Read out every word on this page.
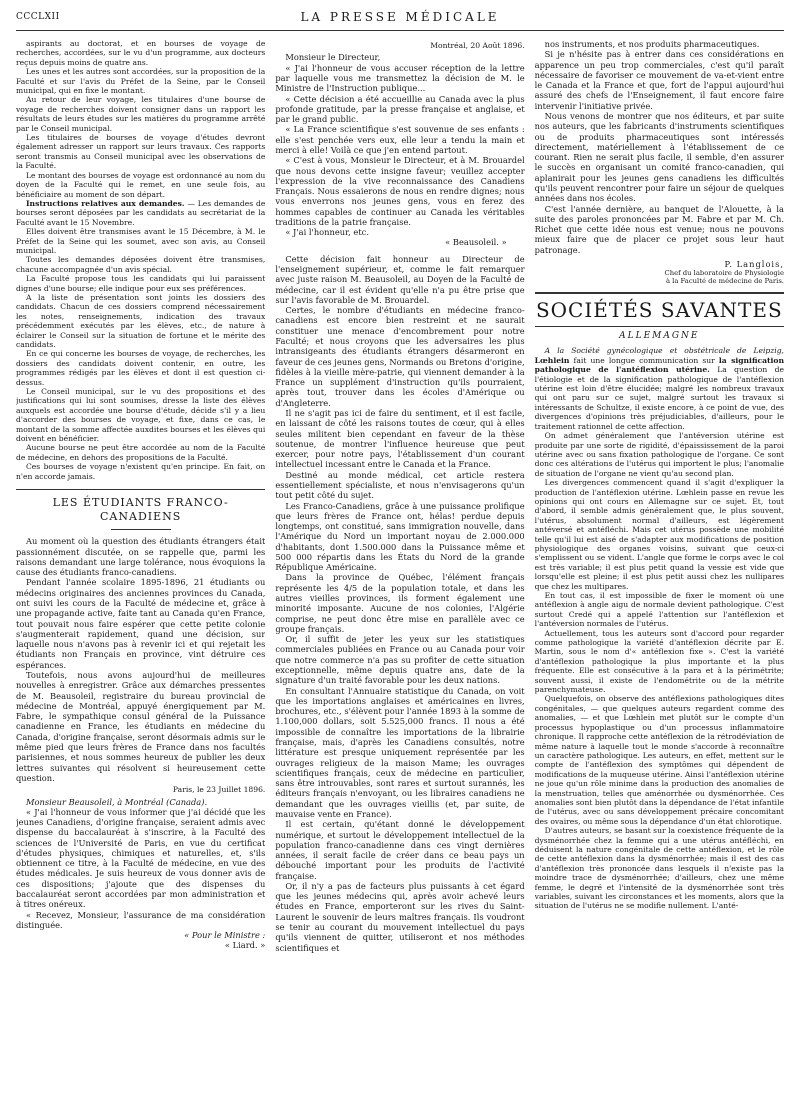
CCCLXII	LA PRESSE MÉDICALE

aspirants au doctorat, et en bourses de voyage de recherches, accordées, sur le vu d'un programme, aux docteurs reçus depuis moins de quatre ans.

Les unes et les autres sont accordées, sur la proposition de la Faculté et sur l'avis du Préfet de la Seine, par le Conseil municipal, qui en fixe le montant.

Au retour de leur voyage, les titulaires d'une bourse de voyage de recherches doivent consigner dans un rapport les résultats de leurs études sur les matières du programme arrêté par le Conseil municipal.

Les titulaires de bourses de voyage d'études devront également adresser un rapport sur leurs travaux. Ces rapports seront transmis au Conseil municipal avec les observations de la Faculté.

Le montant des bourses de voyage est ordonnancé au nom du doyen de la Faculté qui le remet, en une seule fois, au bénéficiaire au moment de son départ.

Instructions relatives aux demandes. — Les demandes de bourses seront déposées par les candidats au secrétariat de la Faculté avant le 15 Novembre.

Elles doivent être transmises avant le 15 Décembre, à M. le Préfet de la Seine qui les soumet, avec son avis, au Conseil municipal.

Toutes les demandes déposées doivent être transmises, chacune accompagnée d'un avis spécial.

La Faculté propose tous les candidats qui lui paraissent dignes d'une bourse; elle indique pour eux ses préférences.

A la liste de présentation sont joints les dossiers des candidats. Chacun de ces dossiers comprend nécessairement les notes, renseignements, indication des travaux précédemment exécutés par les élèves, etc., de nature à éclairer le Conseil sur la situation de fortune et le mérite des candidats.

En ce qui concerne les bourses de voyage, de recherches, les dossiers des candidats doivent contenir, en outre, les programmes rédigés par les élèves et dont il est question ci-dessus.

Le Conseil municipal, sur le vu des propositions et des justifications qui lui sont soumises, dresse la liste des élèves auxquels est accordée une bourse d'étude, décide s'il y a lieu d'accorder des bourses de voyage, et fixe, dans ce cas, le montant de la somme affectée auxdites bourses et les élèves qui doivent en bénéficier.

Aucune bourse ne peut être accordée au nom de la Faculté de médecine, en dehors des propositions de la Faculté.

Ces bourses de voyage n'existent qu'en principe. En fait, on n'en accorde jamais.

LES ÉTUDIANTS FRANCO-CANADIENS

Au moment où la question des étudiants étrangers était passionnément discutée, on se rappelle que, parmi les raisons demandant une large tolérance, nous évoquions la cause des étudiants franco-canadiens.

Pendant l'année scolaire 1895-1896, 21 étudiants ou médecins originaires des anciennes provinces du Canada, ont suivi les cours de la Faculté de médecine et, grâce à une propagande active, faite tant au Canada qu'en France, tout pouvait nous faire espérer que cette petite colonie s'augmenterait rapidement, quand une décision, sur laquelle nous n'avons pas à revenir ici et qui rejetait les étudiants non Français en province, vint détruire ces espérances.

Toutefois, nous avons aujourd'hui de meilleures nouvelles à enregistrer. Grâce aux démarches pressentes de M. Beausoleil, registraire du bureau provincial de médecine de Montréal, appuyé énergiquement par M. Fabre, le sympathique consul général de la Puissance canadienne en France, les étudiants en médecine du Canada, d'origine française, seront désormais admis sur le même pied que leurs frères de France dans nos facultés parisiennes, et nous sommes heureux de publier les deux lettres suivantes qui résolvent si heureusement cette question.

Paris, le 23 Juillet 1896.

Monsieur Beausoleil, à Montréal (Canada).

« J'ai l'honneur de vous informer que j'ai décidé que les jeunes Canadiens, d'origine française, seraient admis avec dispense du baccalauréat à s'inscrire, à la Faculté des sciences de l'Université de Paris, en vue du certificat d'études physiques, chimiques et naturelles, et, s'ils obtiennent ce titre, à la Faculté de médecine, en vue des études médicales. Je suis heureux de vous donner avis de ces dispositions; j'ajoute que des dispenses du baccalauréat seront accordées par mon administration et à titres onéreux.

« Recevez, Monsieur, l'assurance de ma considération distinguée.

« Pour le Ministre :
« Liard. »
Montréal, 20 Août 1896.

Monsieur le Directeur,

« J'ai l'honneur de vous accuser réception de la lettre par laquelle vous me transmettez la décision de M. le Ministre de l'Instruction publique...

« Cette décision a été accueillie au Canada avec la plus profonde gratitude, par la presse française et anglaise, et par le grand public.

« La France scientifique s'est souvenue de ses enfants : elle s'est penchée vers eux, elle leur a tendu la main et merci à elle! Voilà ce que j'en entend partout.

« C'est à vous, Monsieur le Directeur, et à M. Brouardel que nous devons cette insigne faveur; veuillez accepter l'expression de la vive reconnaissance des Canadiens Français. Nous essaierons de nous en rendre dignes; nous vous enverrons nos jeunes gens, vous en ferez des hommes capables de continuer au Canada les véritables traditions de la patrie française.

« J'ai l'honneur, etc.

« Beausoleil. »

Cette décision fait honneur au Directeur de l'enseignement supérieur, et, comme le fait remarquer avec juste raison M. Beausoleil, au Doyen de la Faculté de médecine, car il est évident qu'elle n'a pu être prise que sur l'avis favorable de M. Brouardel.

Certes, le nombre d'étudiants en médecine franco-canadiens est encore bien restreint et ne saurait constituer une menace d'encombrement pour notre Faculté; et nous croyons que les adversaires les plus intransigeants des étudiants étrangers désarmeront en faveur de ces jeunes gens, Normands ou Bretons d'origine, fidèles à la vieille mère-patrie, qui viennent demander à la France un supplément d'instruction qu'ils pourraient, après tout, trouver dans les écoles d'Amérique ou d'Angleterre.

Il ne s'agit pas ici de faire du sentiment, et il est facile, en laissant de côté les raisons toutes de cœur, qui à elles seules militent bien cependant en faveur de la thèse soutenue, de montrer l'influence heureuse que peut exercer, pour notre pays, l'établissement d'un courant intellectuel incessant entre le Canada et la France.

Destiné au monde médical, cet article restera essentiellement spécialiste, et nous n'envisagerons qu'un tout petit côté du sujet.

Les Franco-Canadiens, grâce à une puissance prolifique que leurs frères de France ont, hélas! perdue depuis longtemps, ont constitué, sans immigration nouvelle, dans l'Amérique du Nord un important noyau de 2.000.000 d'habitants, dont 1.500.000 dans la Puissance même et 500 000 répartis dans les États du Nord de la grande République Américaine.

Dans la province de Québec, l'élément français représente les 4/5 de la population totale, et dans les autres vieilles provinces, ils forment également une minorité imposante. Aucune de nos colonies, l'Algérie comprise, ne peut donc être mise en parallèle avec ce groupe français.

Or, il suffit de jeter les yeux sur les statistiques commerciales publiées en France ou au Canada pour voir que notre commerce n'a pas su profiter de cette situation exceptionnelle, même depuis quatre ans, date de la signature d'un traité favorable pour les deux nations.

En consultant l'Annuaire statistique du Canada, on voit que les importations anglaises et américaines en livres, brochures, etc., s'élèvent pour l'année 1893 à la somme de 1.100,000 dollars, soit 5.525,000 francs. Il nous a été impossible de connaître les importations de la librairie française, mais, d'après les Canadiens consultés, notre littérature est presque uniquement représentée par les ouvrages religieux de la maison Mame; les ouvrages scientifiques français, ceux de médecine en particulier, sans être introuvables, sont rares et surtout surannés, les éditeurs français n'envoyant, ou les libraires canadiens ne demandant que les ouvrages vieillis (et, par suite, de mauvaise vente en France).

Il est certain, qu'étant donné le développement numérique, et surtout le développement intellectuel de la population franco-canadienne dans ces vingt dernières années, il serait facile de créer dans ce beau pays un débouché important pour les produits de l'activité française.

Or, il n'y a pas de facteurs plus puissants à cet égard que les jeunes médecins qui, après avoir achevé leurs études en France, emporteront sur les rives du Saint-Laurent le souvenir de leurs maîtres français. Ils voudront se tenir au courant du mouvement intellectuel du pays qu'ils viennent de quitter, utiliseront et nos méthodes scientifiques et

nos instruments, et nos produits pharmaceutiques.

Si je n'hésite pas à entrer dans ces considérations en apparence un peu trop commerciales, c'est qu'il paraît nécessaire de favoriser ce mouvement de va-et-vient entre le Canada et la France et que, fort de l'appui aujourd'hui assuré des chefs de l'Enseignement, il faut encore faire intervenir l'initiative privée.

Nous venons de montrer que nos éditeurs, et par suite nos auteurs, que les fabricants d'instruments scientifiques ou de produits pharmaceutiques sont intéressés directement, matériellement à l'établissement de ce courant. Rien ne serait plus facile, il semble, d'en assurer le succès en organisant un comité franco-canadien, qui aplanirait pour les jeunes gens canadiens les difficultés qu'ils peuvent rencontrer pour faire un séjour de quelques années dans nos écoles.

C'est l'année dernière, au banquet de l'Alouette, à la suite des paroles prononcées par M. Fabre et par M. Ch. Richet que cette idée nous est venue; nous ne pouvons mieux faire que de placer ce projet sous leur haut patronage.

P. Langlois,
Chef du laboratoire de Physiologie
à la Faculté de médecine de Paris.
SOCIÉTÉS SAVANTES
ALLEMAGNE

A la Société gynécologique et obstétricale de Leipzig, Lœhlein fait une longue communication sur la signification pathologique de l'antéflexion utérine. La question de l'étiologie et de la signification pathologique de l'antéflexion utérine est loin d'être élucidée; malgré les nombreux travaux qui ont paru sur ce sujet, malgré surtout les travaux si intéressants de Schultze, il existe encore, à ce point de vue, des divergences d'opinions très préjudiciables, d'ailleurs, pour le traitement rationnel de cette affection.

On admet généralement que l'antéversion utérine est produite par une sorte de rigidité, d'épaississement de la paroi utérine avec ou sans fixation pathologique de l'organe. Ce sont donc ces altérations de l'utérus qui importent le plus; l'anomalie de situation de l'organe ne vient qu'au second plan.

Les divergences commencent quand il s'agit d'expliquer la production de l'antéflexion utérine. Lœhlein passe en revue les opinions qui ont cours en Allemagne sur ce sujet. Et, tout d'abord, il semble admis généralement que, le plus souvent, l'utérus, absolument normal d'ailleurs, est légèrement antéversé et antéfléchi. Mais cet utérus possède une mobilité telle qu'il lui est aisé de s'adapter aux modifications de position physiologique des organes voisins, suivant que ceux-ci s'emplissent ou se vident. L'angle que forme le corps avec le col est très variable; il est plus petit quand la vessie est vide que lorsqu'elle est pleine; il est plus petit aussi chez les nullipares que chez les multipares.

En tout cas, il est impossible de fixer le moment où une antéflexion à angle aigu de normale devient pathologique. C'est surtout Credé qui a appelé l'attention sur l'antéflexion et l'antéversion normales de l'utérus.

Actuellement, tous les auteurs sont d'accord pour regarder comme pathologique la variété d'antéflexion décrite par E. Martin, sous le nom d'« antéflexion fixe ». C'est la variété d'antéflexion pathologique la plus importante et la plus fréquente. Elle est consécutive à la para et à la périmétrite; souvent aussi, il existe de l'endométrite ou de la métrite parenchymateuse.

Quelquefois, on observe des antéflexions pathologiques dites congénitales, — que quelques auteurs regardent comme des anomalies, — et que Lœhlein met plutôt sur le compte d'un processus hypoplastique ou d'un processus inflammatoire chronique. Il rapproche cette antéflexion de la rétrodéviation de même nature à laquelle tout le monde s'accorde à reconnaître un caractère pathologique. Les auteurs, en effet, mettent sur le compte de l'antéflexion des symptômes qui dépendent de modifications de la muqueuse utérine. Ainsi l'antéflexion utérine ne joue qu'un rôle minime dans la production des anomalies de la menstruation, telles que aménorrhée ou dysménorrhée. Ces anomalies sont bien plutôt dans la dépendance de l'état infantile de l'utérus, avec ou sans développement précaire concomitant des ovaires, ou même sous la dépendance d'un état chlorotique.

D'autres auteurs, se basant sur la coexistence fréquente de la dysménorrhée chez la femme qui a une utérus antéfléchi, en déduisent la nature congénitale de cette antéflexion, et le rôle de cette antéflexion dans la dysménorrhée; mais il est des cas d'antéflexion très prononcée dans lesquels il n'existe pas la moindre trace de dysménorrhée; d'ailleurs, chez une même femme, le degré et l'intensité de la dysménorrhée sont très variables, suivant les circonstances et les moments, alors que la situation de l'utérus ne se modifie nullement. L'anté-
